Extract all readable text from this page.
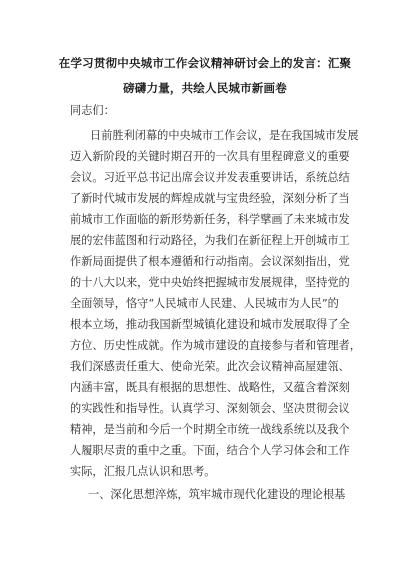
在学习贯彻中央城市工作会议精神研讨会上的发言：汇聚
磅礴力量，共绘人民城市新画卷
同志们：
日前胜利闭幕的中央城市工作会议，是在我国城市发展
迈入新阶段的关键时期召开的一次具有里程碑意义的重要
会议。习近平总书记出席会议并发表重要讲话，系统总结
了新时代城市发展的辉煌成就与宝贵经验，深刻分析了当
前城市工作面临的新形势新任务，科学擘画了未来城市发
展的宏伟蓝图和行动路径，为我们在新征程上开创城市工
作新局面提供了根本遵循和行动指南。会议深刻指出，党
的十八大以来，党中央始终把握城市发展规律，坚持党的
全面领导，恪守“人民城市人民建、人民城市为人民”的
根本立场，推动我国新型城镇化建设和城市发展取得了全
方位、历史性成就。作为城市建设的直接参与者和管理者，
我们深感责任重大、使命光荣。此次会议精神高屋建瓴、
内涵丰富，既具有根据的思想性、战略性，又蕴含着深刻
的实践性和指导性。认真学习、深刻领会、坚决贯彻会议
精神，是当前和今后一个时期全市统一战线系统以及我个
人履职尽责的重中之重。下面，结合个人学习体会和工作
实际，汇报几点认识和思考。
一、深化思想淬炼，筑牢城市现代化建设的理论根基
